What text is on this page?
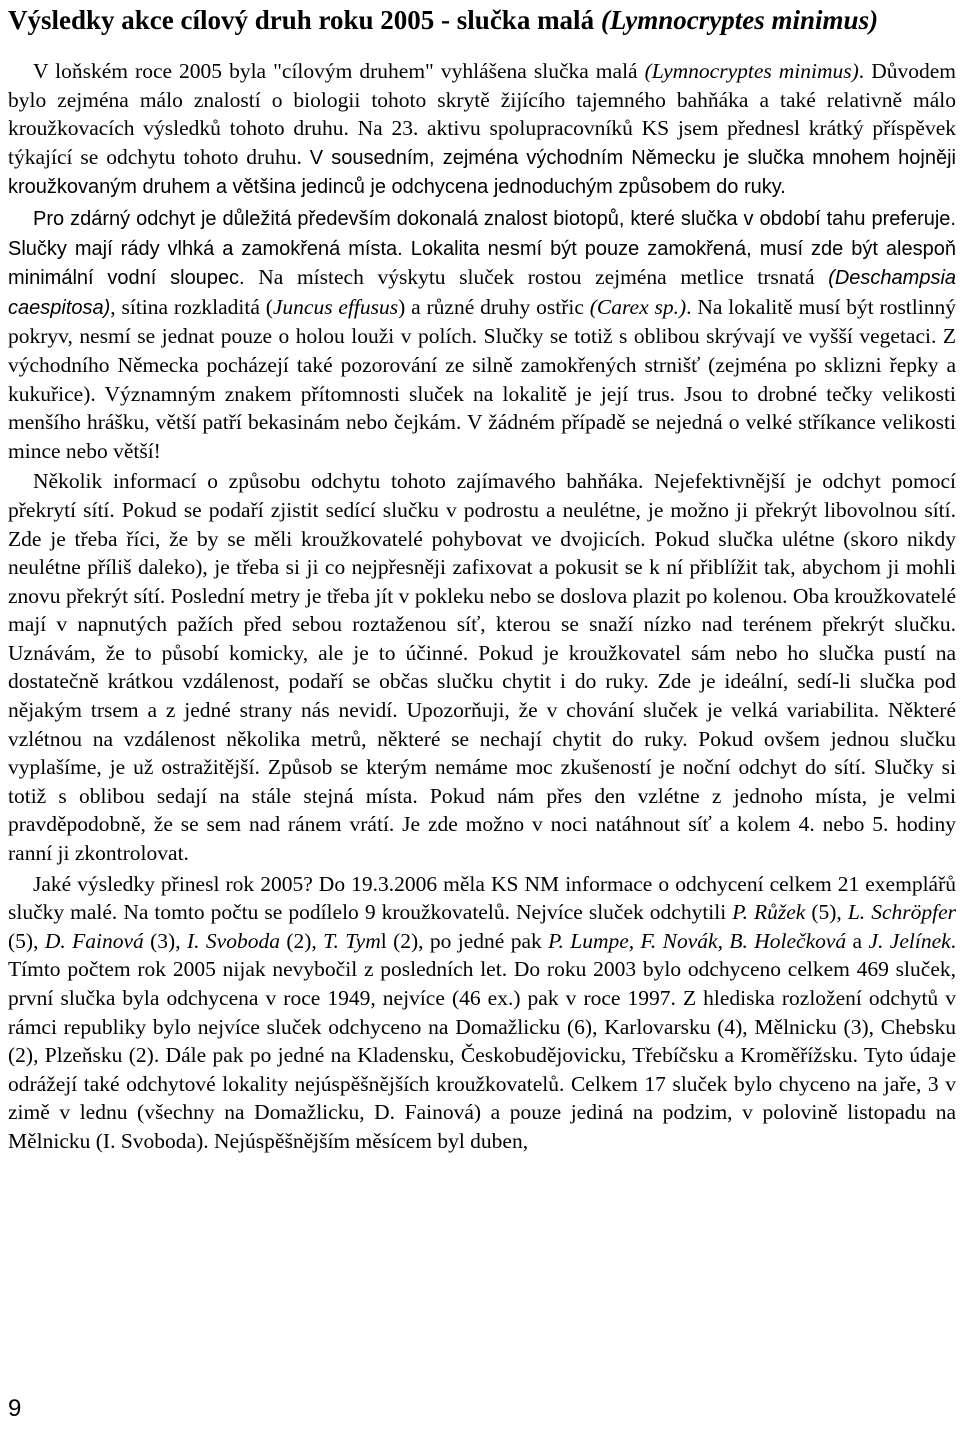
Výsledky akce cílový druh roku 2005 - slučka malá (Lymnocryptes minimus)

V loňském roce 2005 byla "cílovým druhem" vyhlášena slučka malá (Lymnocryptes minimus). Důvodem bylo zejména málo znalostí o biologii tohoto skrytě žijícího tajemného bahňáka a také relativně málo kroužkovacích výsledků tohoto druhu. Na 23. aktivu spolupracovníků KS jsem přednesl krátký příspěvek týkající se odchytu tohoto druhu. V sousedním, zejména východním Německu je slučka mnohem hojněji kroužkovaným druhem a většina jedinců je odchycena jednoduchým způsobem do ruky.

Pro zdárný odchyt je důležitá především dokonalá znalost biotopů, které slučka v období tahu preferuje. Slučky mají rády vlhká a zamokřená místa. Lokalita nesmí být pouze zamokřená, musí zde být alespoň minimální vodní sloupec. Na místech výskytu sluček rostou zejména metlice trsnatá (Deschampsia caespitosa), sítina rozkladitá (Juncus effusus) a různé druhy ostřic (Carex sp.). Na lokalitě musí být rostlinný pokryv, nesmí se jednat pouze o holou louži v polích. Slučky se totiž s oblibou skrývají ve vyšší vegetaci. Z východního Německa pocházejí také pozorování ze silně zamokřených strnišť (zejména po sklizni řepky a kukuřice). Významným znakem přítomnosti sluček na lokalitě je její trus. Jsou to drobné tečky velikosti menšího hrášku, větší patří bekasinám nebo čejkám. V žádném případě se nejedná o velké stříkance velikosti mince nebo větší!

Několik informací o způsobu odchytu tohoto zajímavého bahňáka. Nejefektivnější je odchyt pomocí překrytí sítí. Pokud se podaří zjistit sedící slučku v podrostu a neulétne, je možno ji překrýt libovolnou sítí. Zde je třeba říci, že by se měli kroužkovatelé pohybovat ve dvojicích. Pokud slučka ulétne (skoro nikdy neulétne příliš daleko), je třeba si ji co nejpřesněji zafixovat a pokusit se k ní přiblížit tak, abychom ji mohli znovu překrýt sítí. Poslední metry je třeba jít v pokleku nebo se doslova plazit po kolenou. Oba kroužkovatelé mají v napnutých pažích před sebou roztaženou síť, kterou se snaží nízko nad terénem překrýt slučku. Uznávám, že to působí komicky, ale je to účinné. Pokud je kroužkovatel sám nebo ho slučka pustí na dostatečně krátkou vzdálenost, podaří se občas slučku chytit i do ruky. Zde je ideální, sedí-li slučka pod nějakým trsem a z jedné strany nás nevidí. Upozorňuji, že v chování sluček je velká variabilita. Některé vzlétnou na vzdálenost několika metrů, některé se nechají chytit do ruky. Pokud ovšem jednou slučku vyplašíme, je už ostražitější. Způsob se kterým nemáme moc zkušeností je noční odchyt do sítí. Slučky si totiž s oblibou sedají na stále stejná místa. Pokud nám přes den vzlétne z jednoho místa, je velmi pravděpodobně, že se sem nad ránem vrátí. Je zde možno v noci natáhnout síť a kolem 4. nebo 5. hodiny ranní ji zkontrolovat.

Jaké výsledky přinesl rok 2005? Do 19.3.2006 měla KS NM informace o odchycení celkem 21 exemplářů slučky malé. Na tomto počtu se podílelo 9 kroužkovatelů. Nejvíce sluček odchytili P. Růžek (5), L. Schröpfer (5), D. Fainová (3), I. Svoboda (2), T. Tyml (2), po jedné pak P. Lumpe, F. Novák, B. Holečková a J. Jelínek. Tímto počtem rok 2005 nijak nevybočil z posledních let. Do roku 2003 bylo odchyceno celkem 469 sluček, první slučka byla odchycena v roce 1949, nejvíce (46 ex.) pak v roce 1997. Z hlediska rozložení odchytů v rámci republiky bylo nejvíce sluček odchyceno na Domažlicku (6), Karlovarsku (4), Mělnicku (3), Chebsku (2), Plzeňsku (2). Dále pak po jedné na Kladensku, Českobudějovicku, Třebíčsku a Kroměřížsku. Tyto údaje odrážejí také odchytové lokality nejúspěšnějších kroužkovatelů. Celkem 17 sluček bylo chyceno na jaře, 3 v zimě v lednu (všechny na Domažlicku, D. Fainová) a pouze jediná na podzim, v polovině listopadu na Mělnicku (I. Svoboda). Nejúspěšnějším měsícem byl duben,

9
